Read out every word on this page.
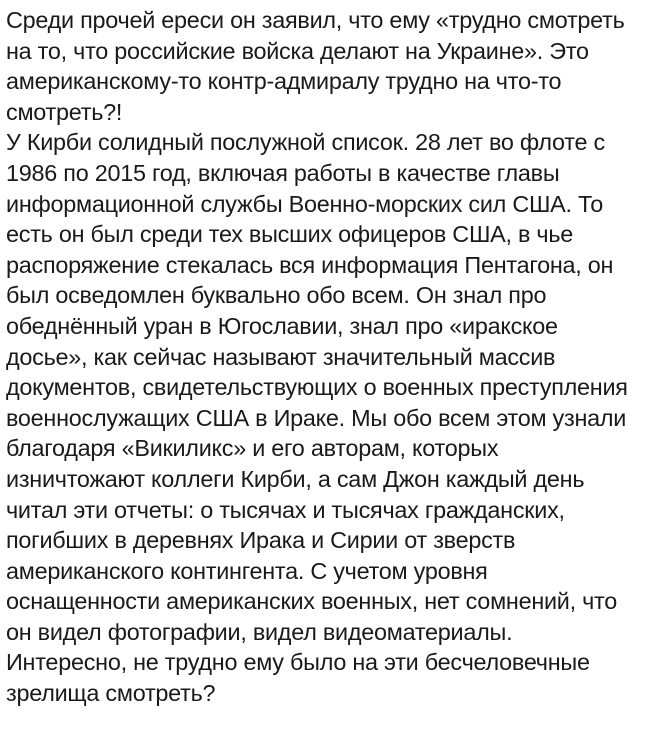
Среди прочей ереси он заявил, что ему «трудно смотреть на то, что российские войска делают на Украине». Это американскому-то контр-адмиралу трудно на что-то смотреть?!

У Кирби солидный послужной список. 28 лет во флоте с 1986 по 2015 год, включая работы в качестве главы информационной службы Военно-морских сил США. То есть он был среди тех высших офицеров США, в чье распоряжение стекалась вся информация Пентагона, он был осведомлен буквально обо всем. Он знал про обеднённый уран в Югославии, знал про «иракское досье», как сейчас называют значительный массив документов, свидетельствующих о военных преступления военнослужащих США в Ираке. Мы обо всем этом узнали благодаря «Викиликс» и его авторам, которых изничтожают коллеги Кирби, а сам Джон каждый день читал эти отчеты: о тысячах и тысячах гражданских, погибших в деревнях Ирака и Сирии от зверств американского контингента. С учетом уровня оснащенности американских военных, нет сомнений, что он видел фотографии, видел видеоматериалы. Интересно, не трудно ему было на эти бесчеловечные зрелища смотреть?
